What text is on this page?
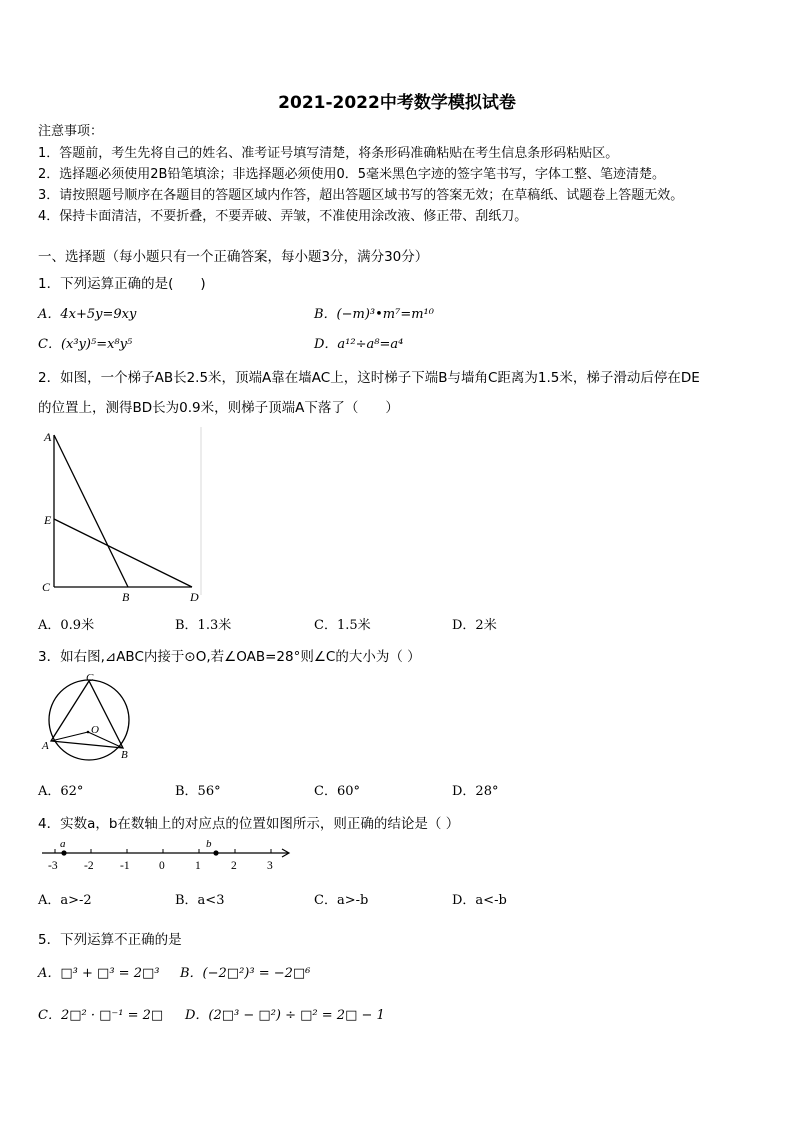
2021-2022中考数学模拟试卷
注意事项：
1．答题前，考生先将自己的姓名、准考证号填写清楚，将条形码准确粘贴在考生信息条形码粘贴区。
2．选择题必须使用2B铅笔填涂；非选择题必须使用0．5毫米黑色字迹的签字笔书写，字体工整、笔迹清楚。
3．请按照题号顺序在各题目的答题区域内作答，超出答题区域书写的答案无效；在草稿纸、试题卷上答题无效。
4．保持卡面清洁，不要折叠，不要弄破、弄皱，不准使用涂改液、修正带、刮纸刀。
一、选择题（每小题只有一个正确答案，每小题3分，满分30分）
1．下列运算正确的是(　　)
A．4x+5y=9xy	B．(−m)³•m⁷=m¹⁰
C．(x³y)⁵=x⁸y⁵	D．a¹²÷a⁸=a⁴
2．如图，一个梯子AB长2.5米，顶端A靠在墙AC上，这时梯子下端B与墙角C距离为1.5米，梯子滑动后停在DE
的位置上，测得BD长为0.9米，则梯子顶端A下落了（　　）
A
E
C
B	D
A．0.9米	B．1.3米	C．1.5米	D．2米
3．如右图,⊿ABC内接于⊙O,若∠OAB=28°则∠C的大小为（ ）
C
O
A
B
A．62°	B．56°	C．60°	D．28°
4．实数a，b在数轴上的对应点的位置如图所示，则正确的结论是（ ）
a	b
-3 -2 -1	0	1	2	3
A．a>-2	B．a<3	C．a>-b	D．a<-b
5．下列运算不正确的是
A．□³ + □³ = 2□³ B．(−2□²)³ = −2□⁶
C．2□² · □⁻¹ = 2□ D．(2□³ − □²) ÷ □² = 2□ − 1
